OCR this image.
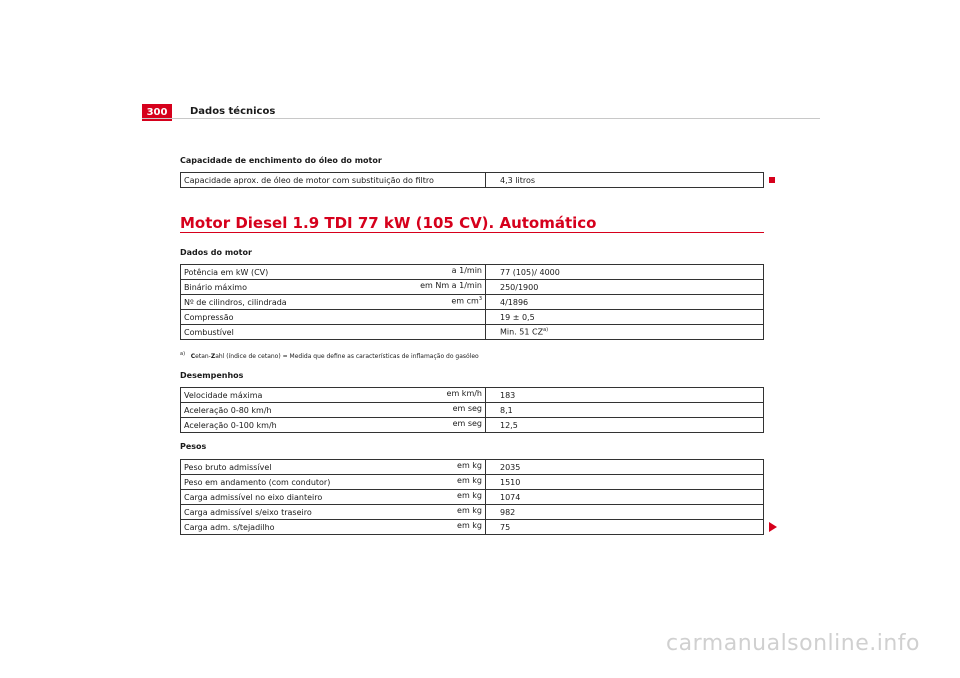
300	Dados técnicos
Capacidade de enchimento do óleo do motor
Capacidade aprox. de óleo de motor com substituição do filtro	4,3 litros
Motor Diesel 1.9 TDI 77 kW (105 CV). Automático
Dados do motor
Potência em kW (CV) a 1/min	77 (105)/ 4000
Binário máximo em Nm a 1/min	250/1900
Nº de cilindros, cilindrada em $cm^3$	4/1896
Compressão	19 ± 0,5
Combustível	Min. 51 CZ$^{a)}$
$^{a)}$ Cetan-Zahl (índice de cetano) = Medida que define as características de inflamação do gasóleo
Desempenhos
Velocidade máxima em km/h	183
Aceleração 0-80 km/h em seg	8,1
Aceleração 0-100 km/h em seg	12,5
Pesos
Peso bruto admissível em kg	2035
Peso em andamento (com condutor) em kg	1510
Carga admissível no eixo dianteiro em kg	1074
Carga admissível s/eixo traseiro em kg	982
Carga adm. s/tejadilho em kg	75
carmanualsonline.info
